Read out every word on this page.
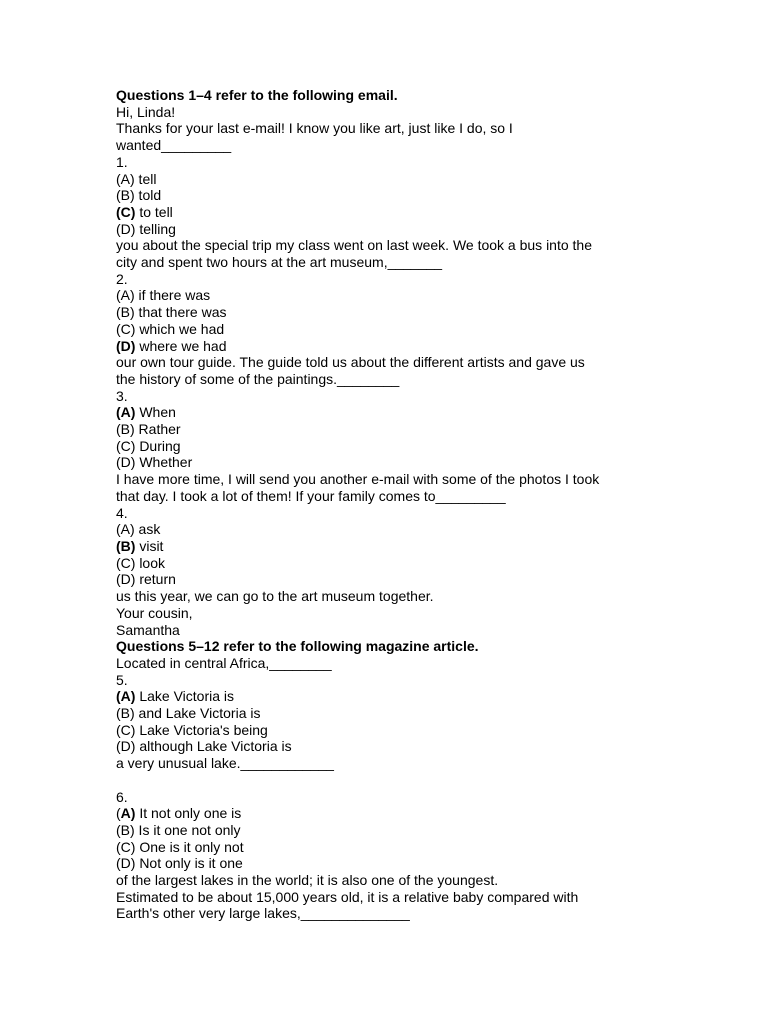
Questions 1–4 refer to the following email.
Hi, Linda!
Thanks for your last e-mail! I know you like art, just like I do, so I
wanted_________
1.
(A) tell
(B) told
(C) to tell
(D) telling
you about the special trip my class went on last week. We took a bus into the
city and spent two hours at the art museum,_______
2.
(A) if there was
(B) that there was
(C) which we had
(D) where we had
our own tour guide. The guide told us about the different artists and gave us
the history of some of the paintings.________
3.
(A) When
(B) Rather
(C) During
(D) Whether
I have more time, I will send you another e-mail with some of the photos I took
that day. I took a lot of them! If your family comes to_________
4.
(A) ask
(B) visit
(C) look
(D) return
us this year, we can go to the art museum together.
Your cousin,
Samantha
Questions 5–12 refer to the following magazine article.
Located in central Africa,________
5.
(A) Lake Victoria is
(B) and Lake Victoria is
(C) Lake Victoria's being
(D) although Lake Victoria is
a very unusual lake.____________
6.
(A) It not only one is
(B) Is it one not only
(C) One is it only not
(D) Not only is it one
of the largest lakes in the world; it is also one of the youngest.
Estimated to be about 15,000 years old, it is a relative baby compared with
Earth's other very large lakes,______________
